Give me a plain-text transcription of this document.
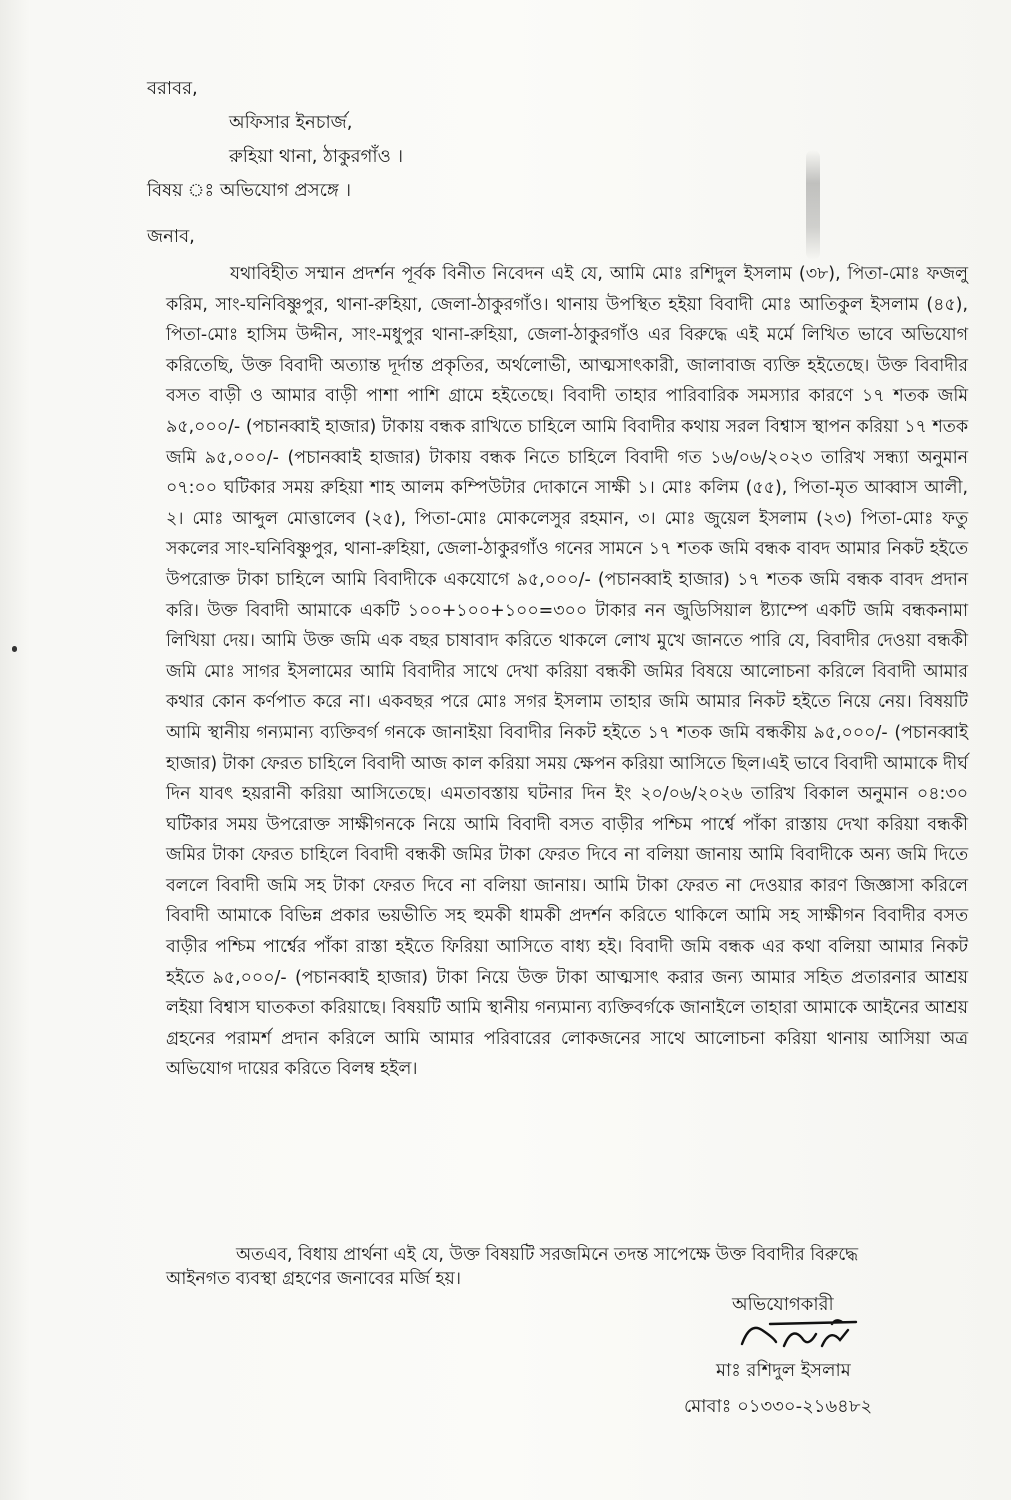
বরাবর,
অফিসার ইনচার্জ,
রুহিয়া থানা, ঠাকুরগাঁও ।
বিষয় ঃ অভিযোগ প্রসঙ্গে ।
জনাব,
যথাবিহীত সম্মান প্রদর্শন পূর্বক বিনীত নিবেদন এই যে, আমি মোঃ রশিদুল ইসলাম (৩৮), পিতা-মোঃ ফজলু করিম, সাং-ঘনিবিষ্ণুপুর, থানা-রুহিয়া, জেলা-ঠাকুরগাঁও। থানায় উপস্থিত হইয়া বিবাদী মোঃ আতিকুল ইসলাম (৪৫), পিতা-মোঃ হাসিম উদ্দীন, সাং-মধুপুর থানা-রুহিয়া, জেলা-ঠাকুরগাঁও এর বিরুদ্ধে এই মর্মে লিখিত ভাবে অভিযোগ করিতেছি, উক্ত বিবাদী অত্যান্ত দূর্দান্ত প্রকৃতির, অর্থলোভী, আত্মসাৎকারী, জালাবাজ ব্যক্তি হইতেছে। উক্ত বিবাদীর বসত বাড়ী ও আমার বাড়ী পাশা পাশি গ্রামে হইতেছে। বিবাদী তাহার পারিবারিক সমস্যার কারণে ১৭ শতক জমি ৯৫,০০০/- (পচানব্বাই হাজার) টাকায় বন্ধক রাখিতে চাহিলে আমি বিবাদীর কথায় সরল বিশ্বাস স্থাপন করিয়া ১৭ শতক জমি ৯৫,০০০/- (পচানব্বাই হাজার) টাকায় বন্ধক নিতে চাহিলে বিবাদী গত ১৬/০৬/২০২৩ তারিখ সন্ধ্যা অনুমান ০৭:০০ ঘটিকার সময় রুহিয়া শাহ আলম কম্পিউটার দোকানে সাক্ষী ১। মোঃ কলিম (৫৫), পিতা-মৃত আব্বাস আলী, ২। মোঃ আব্দুল মোত্তালেব (২৫), পিতা-মোঃ মোকলেসুর রহমান, ৩। মোঃ জুয়েল ইসলাম (২৩) পিতা-মোঃ ফতু সকলের সাং-ঘনিবিষ্ণুপুর, থানা-রুহিয়া, জেলা-ঠাকুরগাঁও গনের সামনে ১৭ শতক জমি বন্ধক বাবদ আমার নিকট হইতে উপরোক্ত টাকা চাহিলে আমি বিবাদীকে একযোগে ৯৫,০০০/- (পচানব্বাই হাজার) ১৭ শতক জমি বন্ধক বাবদ প্রদান করি। উক্ত বিবাদী আমাকে একটি ১০০+১০০+১০০=৩০০ টাকার নন জুডিসিয়াল ষ্ট্যাম্পে একটি জমি বন্ধকনামা লিখিয়া দেয়। আমি উক্ত জমি এক বছর চাষাবাদ করিতে থাকলে লোখ মুখে জানতে পারি যে, বিবাদীর দেওয়া বন্ধকী জমি মোঃ সাগর ইসলামের আমি বিবাদীর সাথে দেখা করিয়া বন্ধকী জমির বিষয়ে আলোচনা করিলে বিবাদী আমার কথার কোন কর্ণপাত করে না। একবছর পরে মোঃ সগর ইসলাম তাহার জমি আমার নিকট হইতে নিয়ে নেয়। বিষয়টি আমি স্থানীয় গন্যমান্য ব্যক্তিবর্গ গনকে জানাইয়া বিবাদীর নিকট হইতে ১৭ শতক জমি বন্ধকীয় ৯৫,০০০/- (পচানব্বাই হাজার) টাকা ফেরত চাহিলে বিবাদী আজ কাল করিয়া সময় ক্ষেপন করিয়া আসিতে ছিল।এই ভাবে বিবাদী আমাকে দীর্ঘ দিন যাবৎ হয়রানী করিয়া আসিতেছে। এমতাবস্তায় ঘটনার দিন ইং ২০/০৬/২০২৬ তারিখ বিকাল অনুমান ০৪:৩০ ঘটিকার সময় উপরোক্ত সাক্ষীগনকে নিয়ে আমি বিবাদী বসত বাড়ীর পশ্চিম পার্শ্বে পাঁকা রাস্তায় দেখা করিয়া বন্ধকী জমির টাকা ফেরত চাহিলে বিবাদী বন্ধকী জমির টাকা ফেরত দিবে না বলিয়া জানায় আমি বিবাদীকে অন্য জমি দিতে বললে বিবাদী জমি সহ টাকা ফেরত দিবে না বলিয়া জানায়। আমি টাকা ফেরত না দেওয়ার কারণ জিজ্ঞাসা করিলে বিবাদী আমাকে বিভিন্ন প্রকার ভয়ভীতি সহ হুমকী ধামকী প্রদর্শন করিতে থাকিলে আমি সহ সাক্ষীগন বিবাদীর বসত বাড়ীর পশ্চিম পার্শ্বের পাঁকা রাস্তা হইতে ফিরিয়া আসিতে বাধ্য হই। বিবাদী জমি বন্ধক এর কথা বলিয়া আমার নিকট হইতে ৯৫,০০০/- (পচানব্বাই হাজার) টাকা নিয়ে উক্ত টাকা আত্মসাৎ করার জন্য আমার সহিত প্রতারনার আশ্রয় লইয়া বিশ্বাস ঘাতকতা করিয়াছে। বিষয়টি আমি স্থানীয় গন্যমান্য ব্যক্তিবর্গকে জানাইলে তাহারা আমাকে আইনের আশ্রয় গ্রহনের পরামর্শ প্রদান করিলে আমি আমার পরিবারের লোকজনের সাথে আলোচনা করিয়া থানায় আসিয়া অত্র অভিযোগ দায়ের করিতে বিলম্ব হইল।
অতএব, বিধায় প্রার্থনা এই যে, উক্ত বিষয়টি সরজমিনে তদন্ত সাপেক্ষে উক্ত বিবাদীর বিরুদ্ধে
আইনগত ব্যবস্থা গ্রহণের জনাবের মর্জি হয়।
অভিযোগকারী
মাঃ রশিদুল ইসলাম
মোবাঃ ০১৩৩০-২১৬৪৮২
